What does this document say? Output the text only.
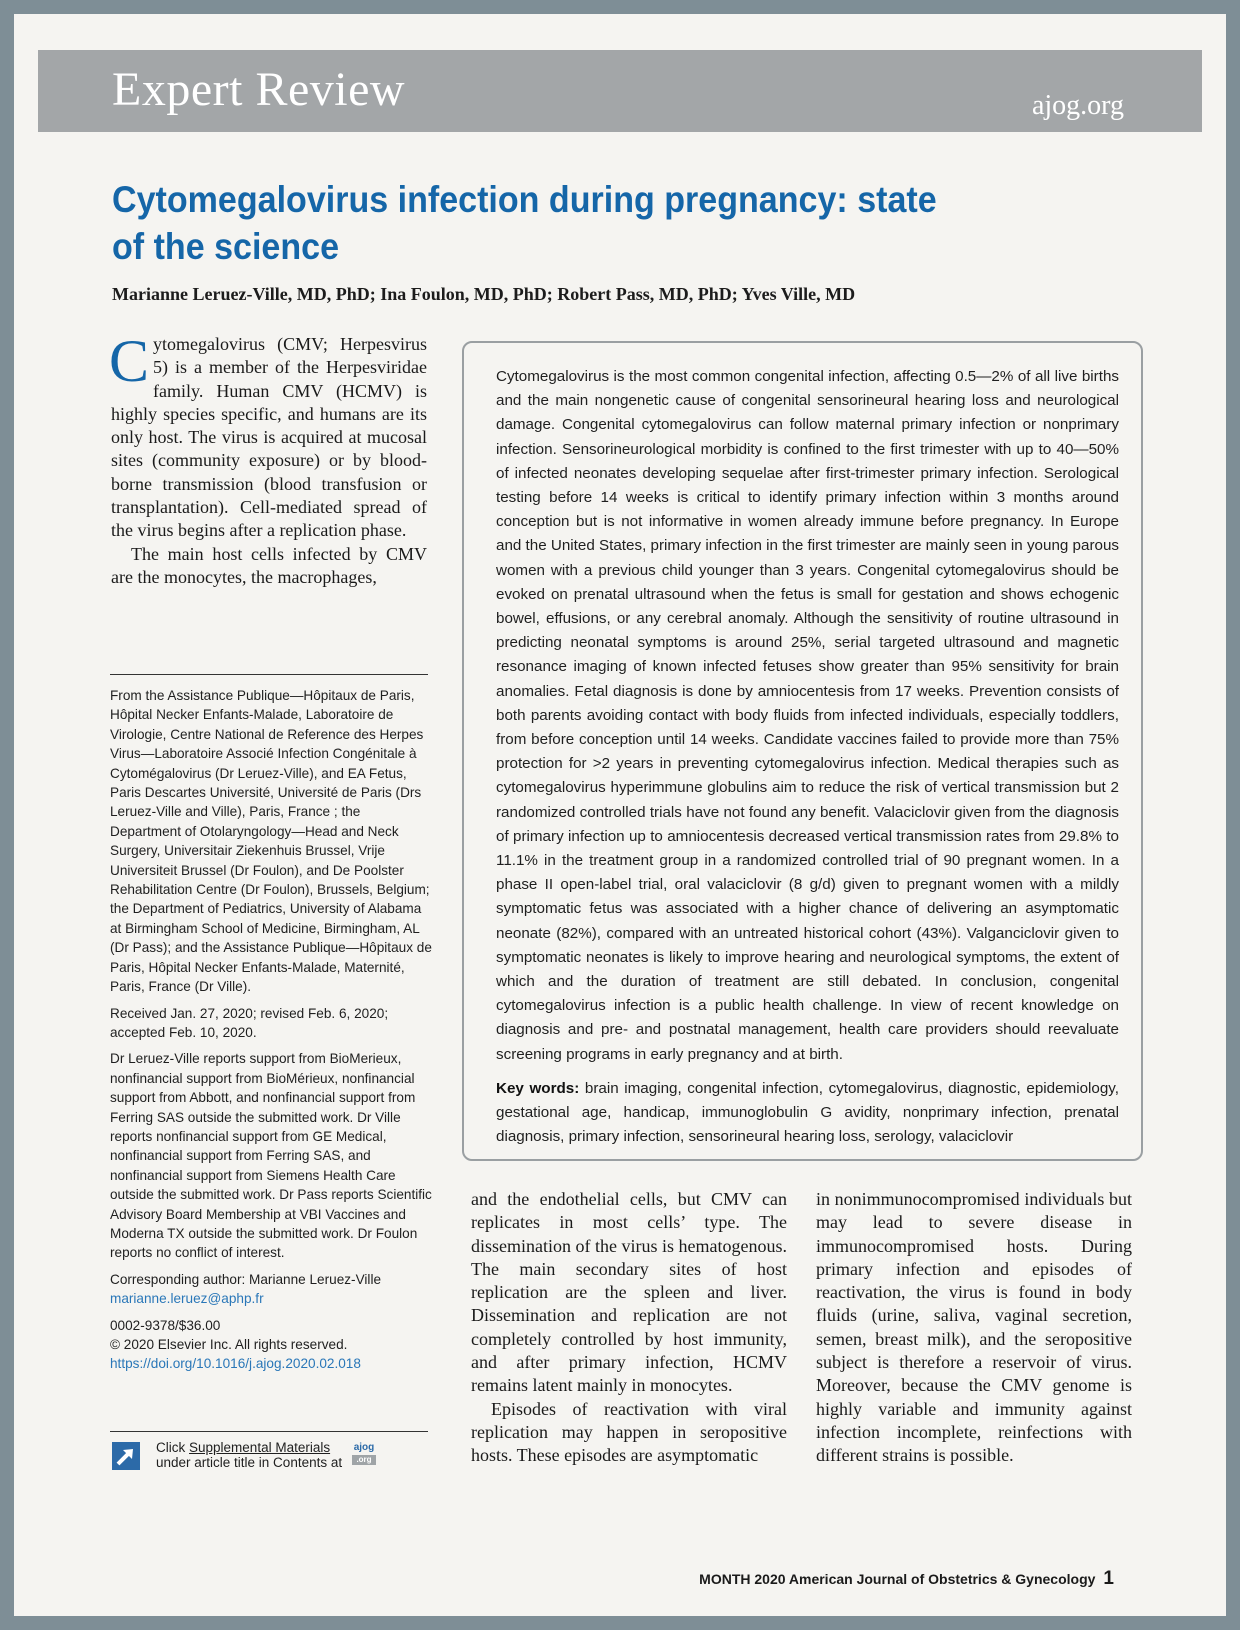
Expert Review	ajog.org
Cytomegalovirus infection during pregnancy: state of the science
Marianne Leruez-Ville, MD, PhD; Ina Foulon, MD, PhD; Robert Pass, MD, PhD; Yves Ville, MD

Cytomegalovirus (CMV; Herpesvirus 5) is a member of the Herpesviridae family. Human CMV (HCMV) is highly species specific, and humans are its only host. The virus is acquired at mucosal sites (community exposure) or by blood-borne transmission (blood transfusion or transplantation). Cell-mediated spread of the virus begins after a replication phase.

The main host cells infected by CMV are the monocytes, the macrophages,

From the Assistance Publique—Hôpitaux de Paris, Hôpital Necker Enfants-Malade, Laboratoire de Virologie, Centre National de Reference des Herpes Virus—Laboratoire Associé Infection Congénitale à Cytomégalovirus (Dr Leruez-Ville), and EA Fetus, Paris Descartes Université, Université de Paris (Drs Leruez-Ville and Ville), Paris, France ; the Department of Otolaryngology—Head and Neck Surgery, Universitair Ziekenhuis Brussel, Vrije Universiteit Brussel (Dr Foulon), and De Poolster Rehabilitation Centre (Dr Foulon), Brussels, Belgium; the Department of Pediatrics, University of Alabama at Birmingham School of Medicine, Birmingham, AL (Dr Pass); and the Assistance Publique—Hôpitaux de Paris, Hôpital Necker Enfants-Malade, Maternité, Paris, France (Dr Ville).

Received Jan. 27, 2020; revised Feb. 6, 2020; accepted Feb. 10, 2020.

Dr Leruez-Ville reports support from BioMerieux, nonfinancial support from BioMérieux, nonfinancial support from Abbott, and nonfinancial support from Ferring SAS outside the submitted work. Dr Ville reports nonfinancial support from GE Medical, nonfinancial support from Ferring SAS, and nonfinancial support from Siemens Health Care outside the submitted work. Dr Pass reports Scientific Advisory Board Membership at VBI Vaccines and Moderna TX outside the submitted work. Dr Foulon reports no conflict of interest.

Corresponding author: Marianne Leruez-Ville

marianne.leruez@aphp.fr

0002-9378/$36.00

© 2020 Elsevier Inc. All rights reserved.

https://doi.org/10.1016/j.ajog.2020.02.018

Click Supplemental Materials
under article title in Contents at
ajog
.org

Cytomegalovirus is the most common congenital infection, affecting 0.5—2% of all live births and the main nongenetic cause of congenital sensorineural hearing loss and neurological damage. Congenital cytomegalovirus can follow maternal primary infection or nonprimary infection. Sensorineurological morbidity is confined to the first trimester with up to 40—50% of infected neonates developing sequelae after first-trimester primary infection. Serological testing before 14 weeks is critical to identify primary infection within 3 months around conception but is not informative in women already immune before pregnancy. In Europe and the United States, primary infection in the first trimester are mainly seen in young parous women with a previous child younger than 3 years. Congenital cytomegalovirus should be evoked on prenatal ultrasound when the fetus is small for gestation and shows echogenic bowel, effusions, or any cerebral anomaly. Although the sensitivity of routine ultrasound in predicting neonatal symptoms is around 25%, serial targeted ultrasound and magnetic resonance imaging of known infected fetuses show greater than 95% sensitivity for brain anomalies. Fetal diagnosis is done by amniocentesis from 17 weeks. Prevention consists of both parents avoiding contact with body fluids from infected individuals, especially toddlers, from before conception until 14 weeks. Candidate vaccines failed to provide more than 75% protection for >2 years in preventing cytomegalovirus infection. Medical therapies such as cytomegalovirus hyperimmune globulins aim to reduce the risk of vertical transmission but 2 randomized controlled trials have not found any benefit. Valaciclovir given from the diagnosis of primary infection up to amniocentesis decreased vertical transmission rates from 29.8% to 11.1% in the treatment group in a randomized controlled trial of 90 pregnant women. In a phase II open-label trial, oral valaciclovir (8 g/d) given to pregnant women with a mildly symptomatic fetus was associated with a higher chance of delivering an asymptomatic neonate (82%), compared with an untreated historical cohort (43%). Valganciclovir given to symptomatic neonates is likely to improve hearing and neurological symptoms, the extent of which and the duration of treatment are still debated. In conclusion, congenital cytomegalovirus infection is a public health challenge. In view of recent knowledge on diagnosis and pre- and postnatal management, health care providers should reevaluate screening programs in early pregnancy and at birth.

Key words: brain imaging, congenital infection, cytomegalovirus, diagnostic, epidemiology, gestational age, handicap, immunoglobulin G avidity, nonprimary infection, prenatal diagnosis, primary infection, sensorineural hearing loss, serology, valaciclovir

and the endothelial cells, but CMV can replicates in most cells’ type. The dissemination of the virus is hematogenous. The main secondary sites of host replication are the spleen and liver. Dissemination and replication are not completely controlled by host immunity, and after primary infection, HCMV remains latent mainly in monocytes.

Episodes of reactivation with viral replication may happen in seropositive hosts. These episodes are asymptomatic

in nonimmunocompromised individuals but may lead to severe disease in immunocompromised hosts. During primary infection and episodes of reactivation, the virus is found in body fluids (urine, saliva, vaginal secretion, semen, breast milk), and the seropositive subject is therefore a reservoir of virus. Moreover, because the CMV genome is highly variable and immunity against infection incomplete, reinfections with different strains is possible.

MONTH 2020 American Journal of Obstetrics & Gynecology 1
